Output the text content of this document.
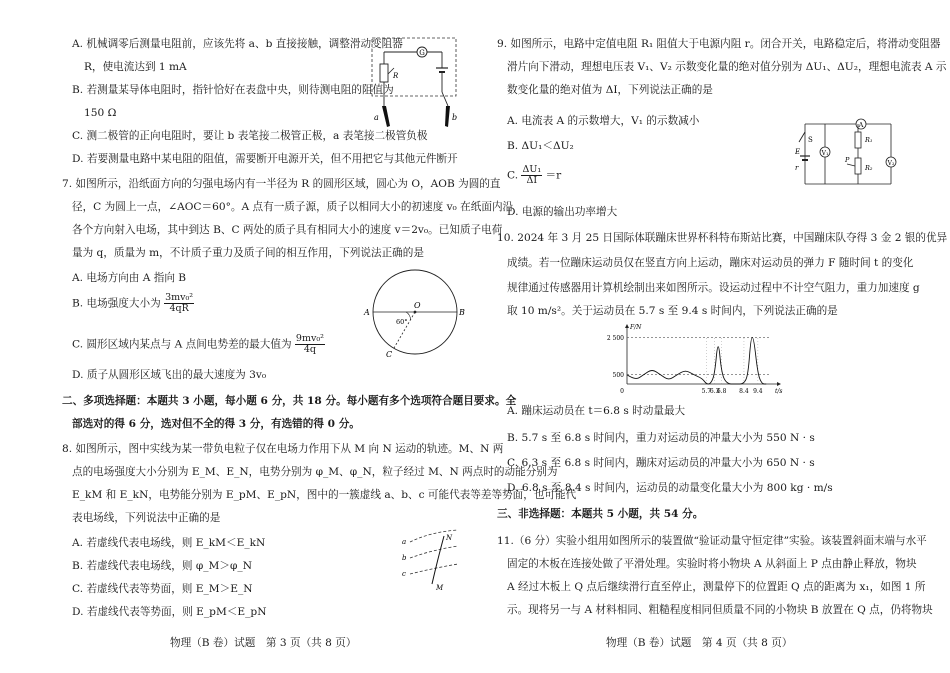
A. 机械调零后测量电阻前，应该先将 a、b 直接接触，调整滑动变阻器
R，使电流达到 1 mA
B. 若测量某导体电阻时，指针恰好在表盘中央，则待测电阻的阻值为
150 Ω
C. 测二极管的正向电阻时，要让 b 表笔接二极管正极，a 表笔接二极管负极
D. 若要测量电路中某电阻的阻值，需要断开电源开关，但不用把它与其他元件断开
G
R
a	b
7. 如图所示，沿纸面方向的匀强电场内有一半径为 R 的圆形区域，圆心为 O，AOB 为圆的直
径，C 为圆上一点，∠AOC＝60°。A 点有一质子源，质子以相同大小的初速度 v₀ 在纸面内沿
各个方向射入电场，其中到达 B、C 两处的质子具有相同大小的速度 v＝2v₀。已知质子电荷
量为 q，质量为 m，不计质子重力及质子间的相互作用，下列说法正确的是
A. 电场方向由 A 指向 B
B. 电场强度大小为 $\frac{\text{3mv₀²}}{4qR}$
C. 圆形区域内某点与 A 点间电势差的最大值为 $\frac{\text{9mv₀²}}{4q}$
D. 质子从圆形区域飞出的最大速度为 3v₀
A	B
O
C
60°
二、多项选择题：本题共 3 小题，每小题 6 分，共 18 分。每小题有多个选项符合题目要求。全
部选对的得 6 分，选对但不全的得 3 分，有选错的得 0 分。
8. 如图所示，图中实线为某一带负电粒子仅在电场力作用下从 M 向 N 运动的轨迹。M、N 两
点的电场强度大小分别为 E_M、E_N，电势分别为 φ_M、φ_N，粒子经过 M、N 两点时的动能分别为
E_kM 和 E_kN，电势能分别为 E_pM、E_pN，图中的一簇虚线 a、b、c 可能代表等差等势面，也可能代
表电场线，下列说法中正确的是
A. 若虚线代表电场线，则 E_kM＜E_kN
B. 若虚线代表电场线，则 φ_M＞φ_N
C. 若虚线代表等势面，则 E_M＞E_N
D. 若虚线代表等势面，则 E_pM＜E_pN
a
b
c
M
N
物理（B 卷）试题　第 3 页（共 8 页）
9. 如图所示，电路中定值电阻 R₁ 阻值大于电源内阻 r。闭合开关，电路稳定后，将滑动变阻器
滑片向下滑动，理想电压表 V₁、V₂ 示数变化量的绝对值分别为 ΔU₁、ΔU₂，理想电流表 A 示
数变化量的绝对值为 ΔI，下列说法正确的是
A. 电流表 A 的示数增大，V₁ 的示数减小
B. ΔU₁＜ΔU₂
C. $\frac{\text{ΔU₁}}{\Delta I} =r$
D. 电源的输出功率增大
S
E
r
A
R₁
P
R₂
V₁
V₂
10. 2024 年 3 月 25 日国际体联蹦床世界杯科特布斯站比赛，中国蹦床队夺得 3 金 2 银的优异
成绩。若一位蹦床运动员仅在竖直方向上运动，蹦床对运动员的弹力 F 随时间 t 的变化
规律通过传感器用计算机绘制出来如图所示。设运动过程中不计空气阻力，重力加速度 g
取 10 m/s²。关于运动员在 5.7 s 至 9.4 s 时间内，下列说法正确的是
500
2 500
5.7
6.3
6.8 8.4 9.4
0	t/s
F/N
A. 蹦床运动员在 t＝6.8 s 时动量最大
B. 5.7 s 至 6.8 s 时间内，重力对运动员的冲量大小为 550 N · s
C. 6.3 s 至 6.8 s 时间内，蹦床对运动员的冲量大小为 650 N · s
D. 6.8 s 至 8.4 s 时间内，运动员的动量变化量大小为 800 kg · m/s
三、非选择题：本题共 5 小题，共 54 分。
11.（6 分）实验小组用如图所示的装置做“验证动量守恒定律”实验。该装置斜面末端与水平
固定的木板在连接处做了平滑处理。实验时将小物块 A 从斜面上 P 点由静止释放，物块
A 经过木板上 Q 点后继续滑行直至停止，测量停下的位置距 Q 点的距离为 x₁，如图 1 所
示。现将另一与 A 材料相同、粗糙程度相同但质量不同的小物块 B 放置在 Q 点，仍将物块
物理（B 卷）试题　第 4 页（共 8 页）
